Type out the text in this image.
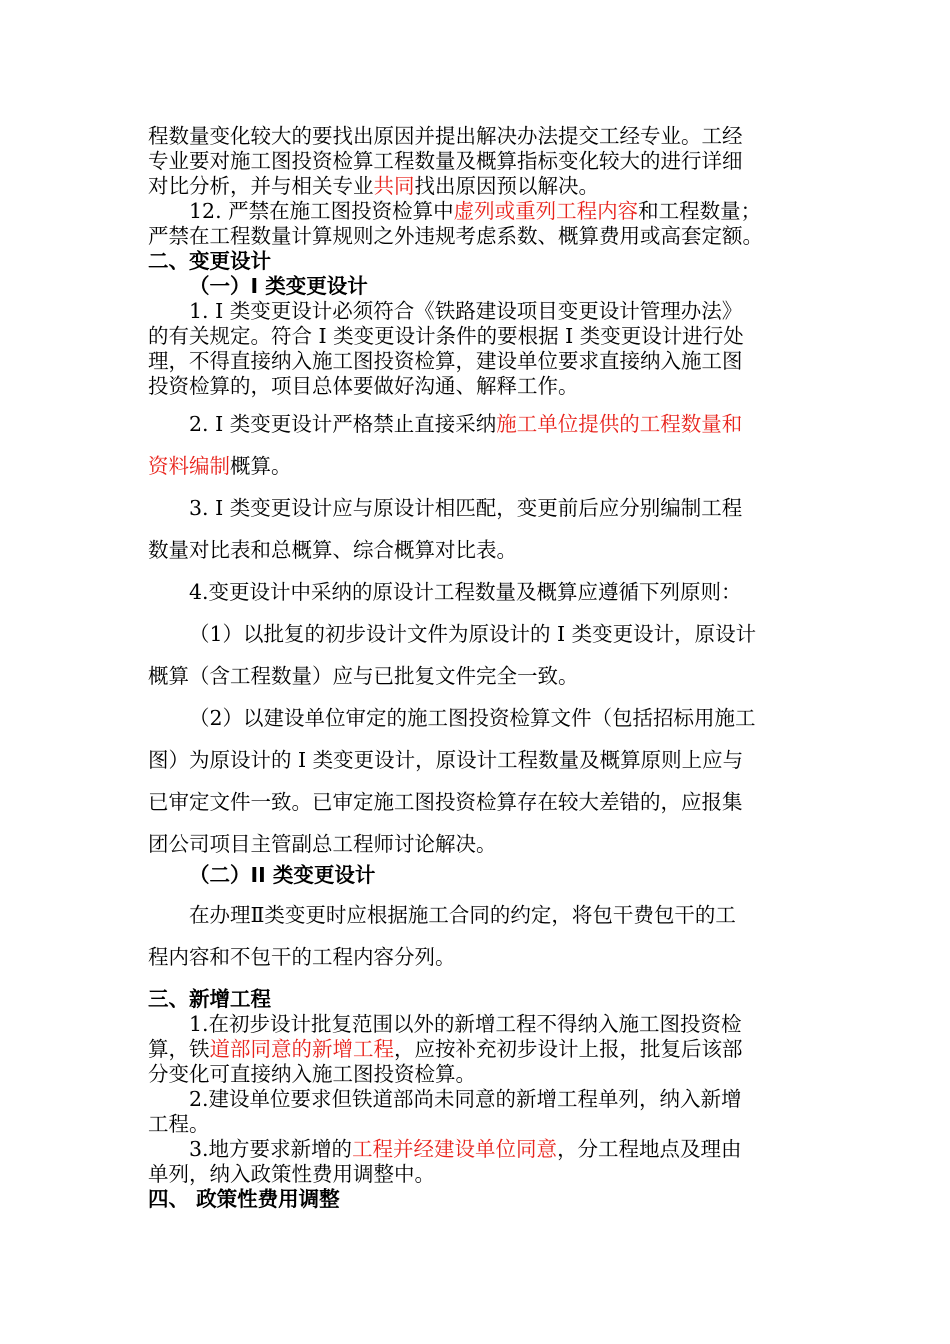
程数量变化较大的要找出原因并提出解决办法提交工经专业。工经
专业要对施工图投资检算工程数量及概算指标变化较大的进行详细
对比分析，并与相关专业共同找出原因预以解决。
12. 严禁在施工图投资检算中虚列或重列工程内容和工程数量；
严禁在工程数量计算规则之外违规考虑系数、概算费用或高套定额。
二、变更设计
（一）I 类变更设计
1. I 类变更设计必须符合《铁路建设项目变更设计管理办法》
的有关规定。符合 I 类变更设计条件的要根据 I 类变更设计进行处
理，不得直接纳入施工图投资检算，建设单位要求直接纳入施工图
投资检算的，项目总体要做好沟通、解释工作。
2. I 类变更设计严格禁止直接采纳施工单位提供的工程数量和
资料编制概算。
3. I 类变更设计应与原设计相匹配，变更前后应分别编制工程
数量对比表和总概算、综合概算对比表。
4.变更设计中采纳的原设计工程数量及概算应遵循下列原则：
（1）以批复的初步设计文件为原设计的 I 类变更设计，原设计
概算（含工程数量）应与已批复文件完全一致。
（2）以建设单位审定的施工图投资检算文件（包括招标用施工
图）为原设计的 I 类变更设计，原设计工程数量及概算原则上应与
已审定文件一致。已审定施工图投资检算存在较大差错的，应报集
团公司项目主管副总工程师讨论解决。
（二）II 类变更设计
在办理Ⅱ类变更时应根据施工合同的约定，将包干费包干的工
程内容和不包干的工程内容分列。
三、新增工程
1.在初步设计批复范围以外的新增工程不得纳入施工图投资检
算，铁道部同意的新增工程，应按补充初步设计上报，批复后该部
分变化可直接纳入施工图投资检算。
2.建设单位要求但铁道部尚未同意的新增工程单列，纳入新增
工程。
3.地方要求新增的工程并经建设单位同意，分工程地点及理由
单列，纳入政策性费用调整中。
四、 政策性费用调整
